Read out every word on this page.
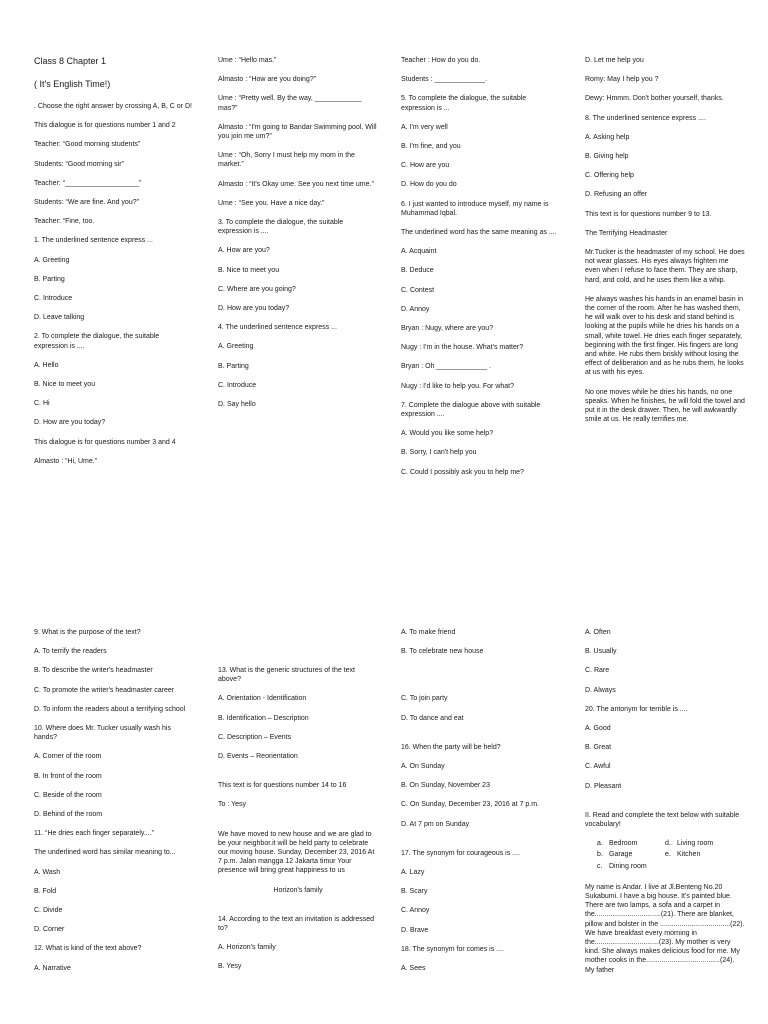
Class 8 Chapter 1

( It's English Time!)

. Choose the right answer by crossing A, B, C or D!

This dialogue is for questions number 1 and 2

Teacher: “Good morning students”

Students: “Good morning sir”

Teacher: “___________________”

Students: “We are fine. And you?”

Teacher: “Fine, too.

1. The underlined sentence express ...

A. Greeting

B. Parting

C. Introduce

D. Leave talking

2. To complete the dialogue, the suitable expression is ....

A. Hello

B. Nice to meet you

C. Hi

D. How are you today?

This dialogue is for questions number 3 and 4

Almasto : “Hi, Ume.”

Ume : “Hello mas.”

Almasto : “How are you doing?”

Ume : “Pretty well. By the way, ____________ mas?”

Almasto : “I'm going to Bandar Swimming pool. Will you join me um?”

Ume : “Oh, Sorry I must help my mom in the market.”

Almasto : “It's Okay ume. See you next time ume.”

Ume : “See you. Have a nice day.”

3. To complete the dialogue, the suitable expression is ....

A. How are you?

B. Nice to meet you

C. Where are you going?

D. How are you today?

4. The underlined sentence express ...

A. Greeting

B. Parting

C. Introduce

D. Say hello

Teacher : How do you do.

Students : _____________.

5. To complete the dialogue, the suitable expression is ...

A. I'm very well

B. I'm fine, and you

C. How are you

D. How do you do

6. I just wanted to introduce myself, my name is Muhammad Iqbal.

The underlined word has the same meaning as ....

A. Acquaint

B. Deduce

C. Contest

D. Annoy

Bryan : Nugy, where are you?

Nugy : I'm in the house. What's matter?

Bryan : Oh _____________ .

Nugy : I'd like to help you. For what?

7. Complete the dialogue above with suitable expression ....

A. Would you like some help?

B. Sorry, I can't help you

C. Could I possibly ask you to help me?

D. Let me help you

Romy: May I help you ?

Dewy: Hmmm. Don't bother yourself, thanks.

8. The underlined sentence express ....

A. Asking help

B. Giving help

C. Offering help

D. Refusing an offer

This text is for questions number 9 to 13.

The Terrifying Headmaster

Mr.Tucker is the headmaster of my school. He does not wear glasses. His eyes always frighten me even when I refuse to face them. They are sharp, hard, and cold, and he uses them like a whip.

He always washes his hands in an enamel basin in the corner of the room. After he has washed them, he will walk over to his desk and stand behind is looking at the pupils while he dries his hands on a small, white towel. He dries each finger separately, beginning with the first finger. His fingers are long and white. He rubs them briskly without losing the effect of deliberation and as he rubs them, he looks at us with his eyes.

No one moves while he dries his hands, no one speaks. When he finishes, he will fold the towel and put it in the desk drawer. Then, he will awkwardly smile at us. He really terrifies me.

9. What is the purpose of the text?

A. To terrify the readers

B. To describe the writer's headmaster

C. To promote the writer's headmaster career

D. To inform the readers about a terrifying school

10. Where does Mr. Tucker usually wash his hands?

A. Corner of the room

B. In front of the room

C. Beside of the room

D. Behind of the room

11. “He dries each finger separately....”

The underlined word has similar meaning to...

A. Wash

B. Fold

C. Divide

D. Corner

12. What is kind of the text above?

A. Narrative

13. What is the generic structures of the text above?

A. Orientation - Identification

B. Identification – Description

C. Description – Events

D. Events – Reorientation

This text is for questions number 14 to 16

To : Yesy

We have moved to new house and we are glad to be your neighbor.it will be held party to celebrate our moving house. Sunday, December 23, 2016 At 7 p.m. Jalan mangga 12 Jakarta timur Your presence will bring great happiness to us

Horizon's family

14. According to the text an invitation is addressed to?

A. Horizon's family

B. Yesy

A. To make friend

B. To celebrate new house

C. To join party

D. To dance and eat

16. When the party will be held?

A. On Sunday

B. On Sunday, November 23

C. On Sunday, December 23, 2016 at 7 p.m.

D. At 7 pm on Sunday

17. The synonym for courageous is ....

A. Lazy

B. Scary

C. Annoy

D. Brave

18. The synonym for comes is ....

A. Sees

A. Often

B. Usually

C. Rare

D. Always

20. The antonym for terrible is ....

A. Good

B. Great

C. Awful

D. Pleasant

II. Read and complete the text below with suitable vocabulary!

a. Bedroom	d.. Living room
b. Garage	e. Kitchen
c. Dining room

My name is Andar. I live at Jl.Benteng No.20 Sukabumi. I have a big house. It's painted blue. There are two lamps, a sofa and a carpet in the..................................(21). There are blanket, pillow and bolster in the ....................................(22). We have breakfast every morning in the.................................(23). My mother is very kind. She always makes delicious food for me. My mother cooks in the......................................(24). My father
